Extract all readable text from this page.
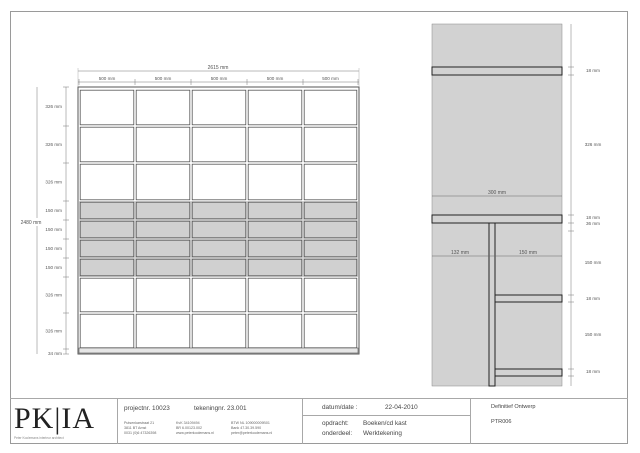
2615 mm
500 mm	500 mm	500 mm	500 mm	500 mm
2480 mm
326 mm
326 mm
326 mm
150 mm
150 mm
150 mm
150 mm
326 mm
326 mm
34 mm
300 mm
132 mm	150 mm
18 mm
326 mm
18 mm
36 mm
150 mm
18 mm
150 mm
18 mm
PK|IA
Peter Koolemans interieur architect
projectnr. 10023	tekeningnr. 23.001
Putsenkarstraat 21
3811 BT Amst
0031 (0)6 47326398
KvK 34109494
BR 6.00123.002
www.peterkoolemans.nl
BTW NL 109000009B01
Bank 47.30.39.590
peter@peterkoolemans.nl
datum/date :	22-04-2010
opdracht: Boeken/cd kast
onderdeel: Werktekening
Definitief Ontwerp
PTR006
